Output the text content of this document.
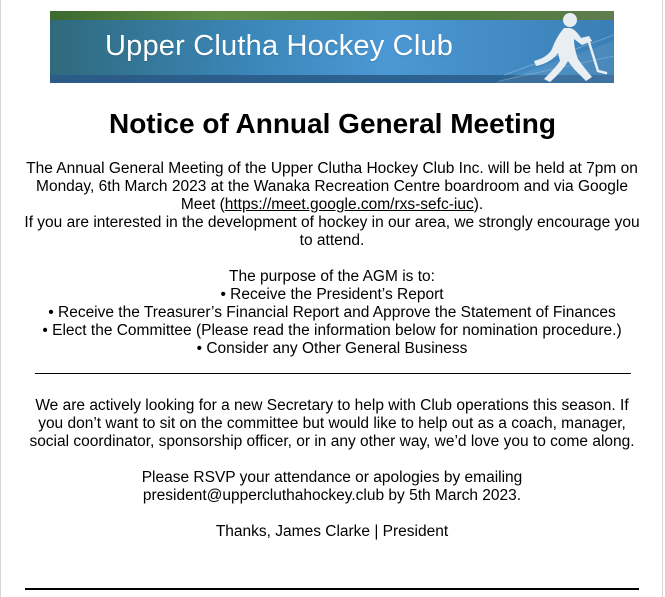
Upper Clutha Hockey Club
Notice of Annual General Meeting

The Annual General Meeting of the Upper Clutha Hockey Club Inc. will be held at 7pm on Monday, 6th March 2023 at the Wanaka Recreation Centre boardroom and via Google Meet (https://meet.google.com/rxs-sefc-iuc).

If you are interested in the development of hockey in our area, we strongly encourage you to attend.

The purpose of the AGM is to:

• Receive the President’s Report

• Receive the Treasurer’s Financial Report and Approve the Statement of Finances

• Elect the Committee (Please read the information below for nomination procedure.)

• Consider any Other General Business

We are actively looking for a new Secretary to help with Club operations this season. If you don’t want to sit on the committee but would like to help out as a coach, manager, social coordinator, sponsorship officer, or in any other way, we’d love you to come along.

Please RSVP your attendance or apologies by emailing

president@upperclutha​hockey.club by 5th March 2023.

Thanks, James Clarke | President
